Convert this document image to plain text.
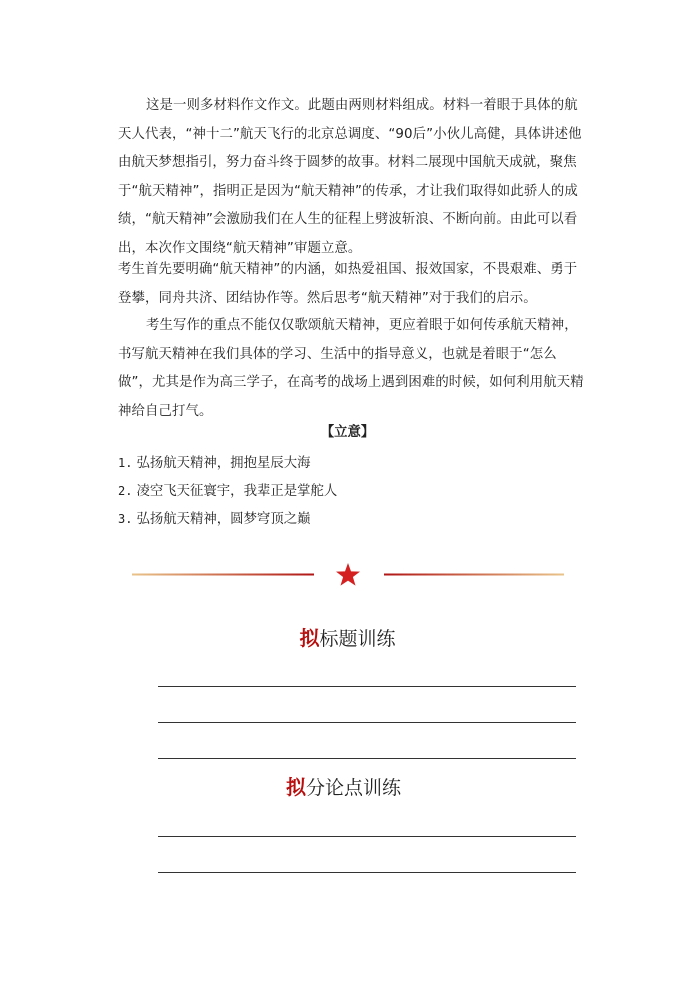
这是一则多材料作文作文。此题由两则材料组成。材料一着眼于具体的航天人代表，“神十二”航天飞行的北京总调度、“90后”小伙儿高健，具体讲述他由航天梦想指引，努力奋斗终于圆梦的故事。材料二展现中国航天成就，聚焦于“航天精神”，指明正是因为“航天精神”的传承，才让我们取得如此骄人的成绩，“航天精神”会激励我们在人生的征程上劈波斩浪、不断向前。由此可以看出，本次作文围绕“航天精神”审题立意。

考生首先要明确“航天精神”的内涵，如热爱祖国、报效国家，不畏艰难、勇于登攀，同舟共济、团结协作等。然后思考“航天精神”对于我们的启示。

考生写作的重点不能仅仅歌颂航天精神，更应着眼于如何传承航天精神，书写航天精神在我们具体的学习、生活中的指导意义，也就是着眼于“怎么做”，尤其是作为高三学子，在高考的战场上遇到困难的时候，如何利用航天精神给自己打气。

【立意】
1. 弘扬航天精神，拥抱星辰大海
2. 凌空飞天征寰宇，我辈正是掌舵人
3. 弘扬航天精神，圆梦穹顶之巅
拟标题训练
拟分论点训练
